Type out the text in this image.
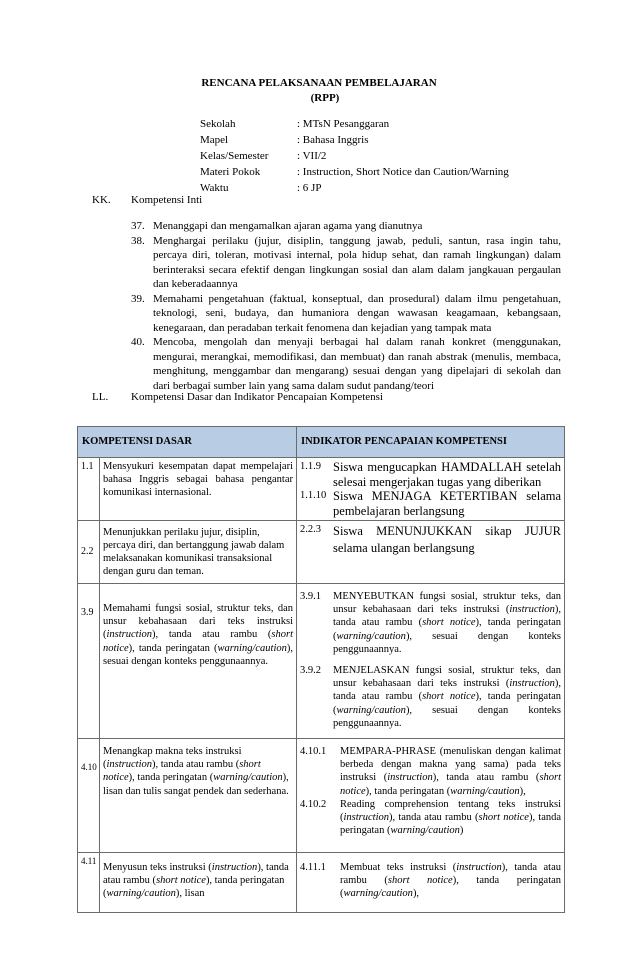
RENCANA PELAKSANAAN PEMBELAJARAN
(RPP)
Sekolah	: MTsN Pesanggaran
Mapel	: Bahasa Inggris
Kelas/Semester	: VII/2
Materi Pokok	: Instruction, Short Notice dan Caution/Warning
Waktu	: 6 JP
KK. Kompetensi Inti
37. Menanggapi dan mengamalkan ajaran agama yang dianutnya
38. Menghargai perilaku (jujur, disiplin, tanggung jawab, peduli, santun, rasa ingin tahu, percaya diri, toleran, motivasi internal, pola hidup sehat, dan ramah lingkungan) dalam berinteraksi secara efektif dengan lingkungan sosial dan alam dalam jangkauan pergaulan dan keberadaannya
39. Memahami pengetahuan (faktual, konseptual, dan prosedural) dalam ilmu pengetahuan, teknologi, seni, budaya, dan humaniora dengan wawasan keagamaan, kebangsaan, kenegaraan, dan peradaban terkait fenomena dan kejadian yang tampak mata
40. Mencoba, mengolah dan menyaji berbagai hal dalam ranah konkret (menggunakan, mengurai, merangkai, memodifikasi, dan membuat) dan ranah abstrak (menulis, membaca, menghitung, menggambar dan mengarang) sesuai dengan yang dipelajari di sekolah dan dari berbagai sumber lain yang sama dalam sudut pandang/teori
LL. Kompetensi Dasar dan Indikator Pencapaian Kompetensi
KOMPETENSI DASAR		INDIKATOR PENCAPAIAN KOMPETENSI
1.1	Mensyukuri kesempatan dapat mempelajari bahasa Inggris sebagai bahasa pengantar komunikasi internasional.	1.1.9 Siswa mengucapkan HAMDALLAH setelah selesai mengerjakan tugas yang diberikan
1.1.10 Siswa MENJAGA KETERTIBAN selama pembelajaran berlangsung

2.2	Menunjukkan perilaku jujur, disiplin, percaya diri, dan bertanggung jawab dalam melaksanakan komunikasi transaksional dengan guru dan teman.	2.2.3 Siswa MENUNJUKKAN sikap JUJUR selama ulangan berlangsung

3.9	Memahami fungsi sosial, struktur teks, dan unsur kebahasaan dari teks instruksi (instruction), tanda atau rambu (short notice), tanda peringatan (warning/caution), sesuai dengan konteks penggunaannya.	3.9.1 MENYEBUTKAN fungsi sosial, struktur teks, dan unsur kebahasaan dari teks instruksi (instruction), tanda atau rambu (short notice), tanda peringatan (warning/caution), sesuai dengan konteks penggunaannya.
3.9.2 MENJELASKAN fungsi sosial, struktur teks, dan unsur kebahasaan dari teks instruksi (instruction), tanda atau rambu (short notice), tanda peringatan (warning/caution), sesuai dengan konteks penggunaannya.

4.10	Menangkap makna teks instruksi (instruction), tanda atau rambu (short notice), tanda peringatan (warning/caution), lisan dan tulis sangat pendek dan sederhana.	4.10.1 MEMPARA-PHRASE (menuliskan dengan kalimat berbeda dengan makna yang sama) pada teks instruksi (instruction), tanda atau rambu (short notice), tanda peringatan (warning/caution),
4.10.2 Reading comprehension tentang teks instruksi (instruction), tanda atau rambu (short notice), tanda peringatan (warning/caution)

4.11	Menyusun teks instruksi (instruction), tanda atau rambu (short notice), tanda peringatan (warning/caution), lisan	4.11.1 Membuat teks instruksi (instruction), tanda atau rambu (short notice), tanda peringatan (warning/caution),
